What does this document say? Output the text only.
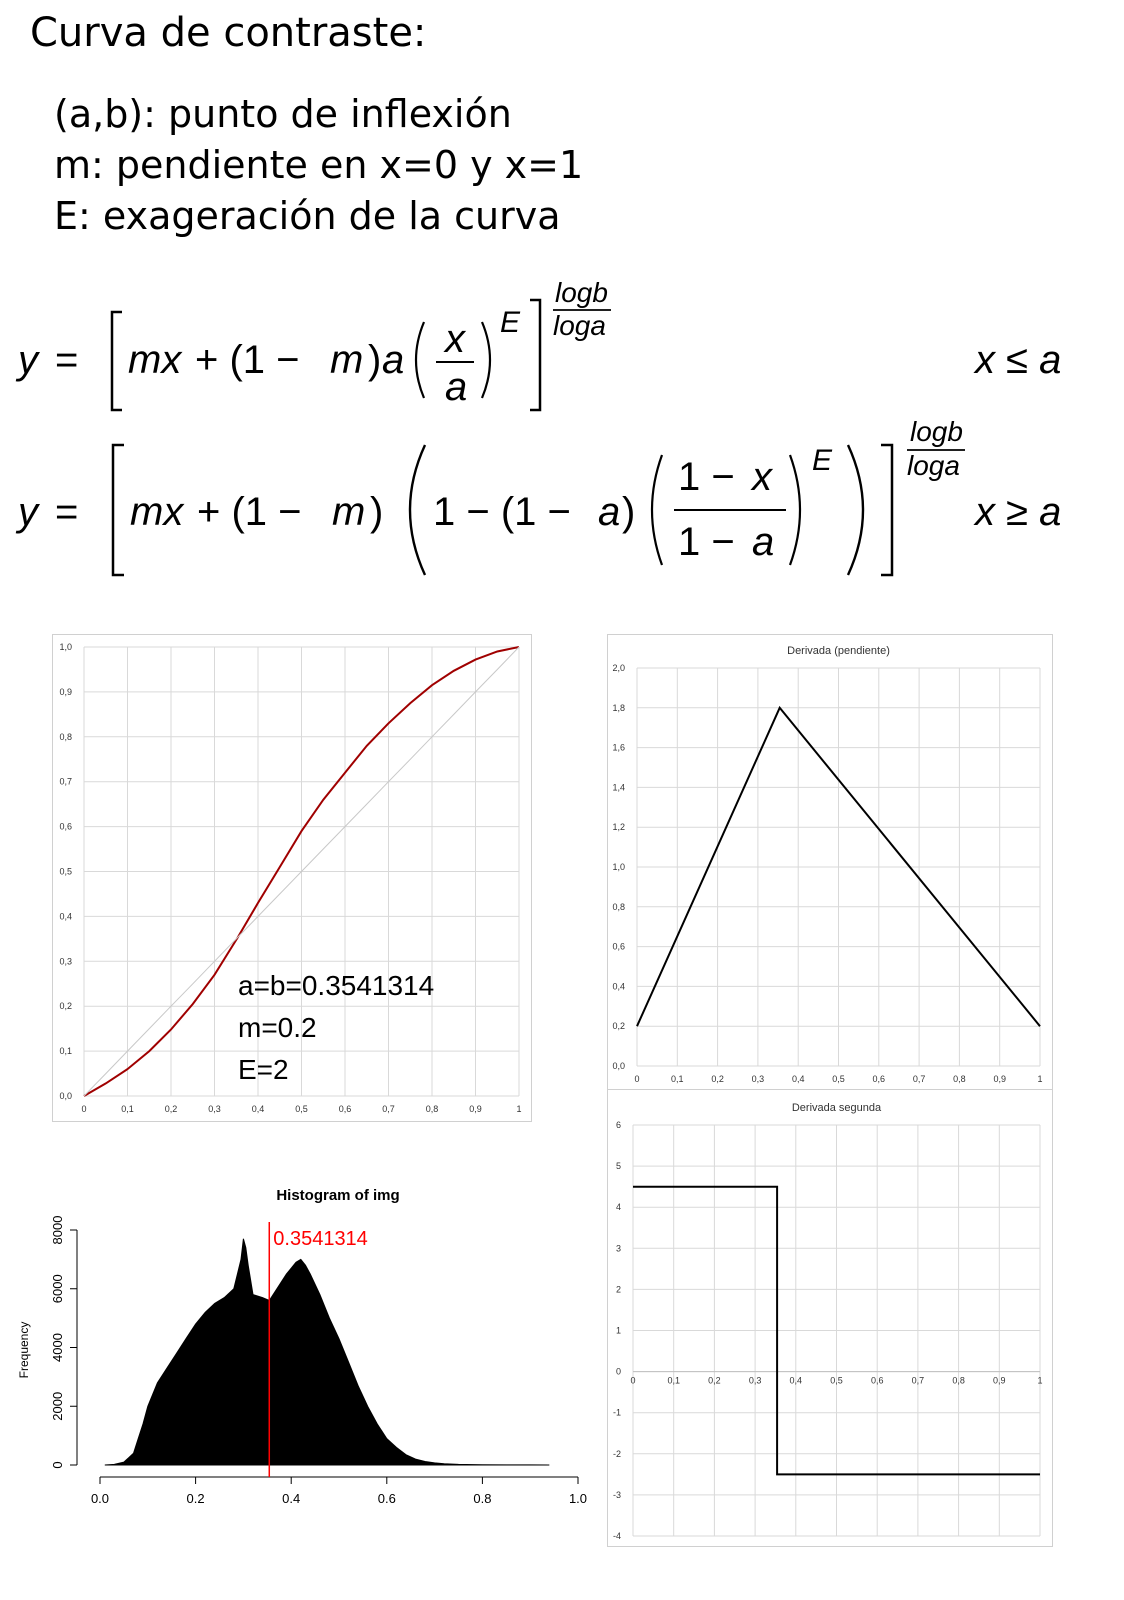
Curva de contraste:
(a,b): punto de inflexión
m: pendiente en x=0 y x=1
E: exageración de la curva
y = mx + (1 − m ) a x
a
E
logb
loga
x ≤ a
y = mx + (1 − m ) 1 − (1 − a )
1 − x
1 − a
E
logb
loga
x ≥ a
0	0,1	0,2	0,3	0,4	0,5	0,6	0,7	0,8	0,9	1
0,0
0,1
0,2
0,3
0,4
0,5
0,6
0,7
0,8
0,9
1,0
a=b=0.3541314
m=0.2
E=2
Derivada (pendiente)
0	0,1	0,2	0,3	0,4	0,5	0,6	0,7	0,8	0,9	1
0,0
0,2
0,4
0,6
0,8
1,0
1,2
1,4
1,6
1,8
2,0
Derivada segunda
0	0,1	0,2	0,3	0,4	0,5	0,6	0,7	0,8	0,9	1
-4
-3
-2
-1
0
1
2
3
4
5
6
Histogram of img
0.0	0.2	0.4	0.6	0.8	1.0
0
2000
4000
6000
8000
Frequency
0.3541314
